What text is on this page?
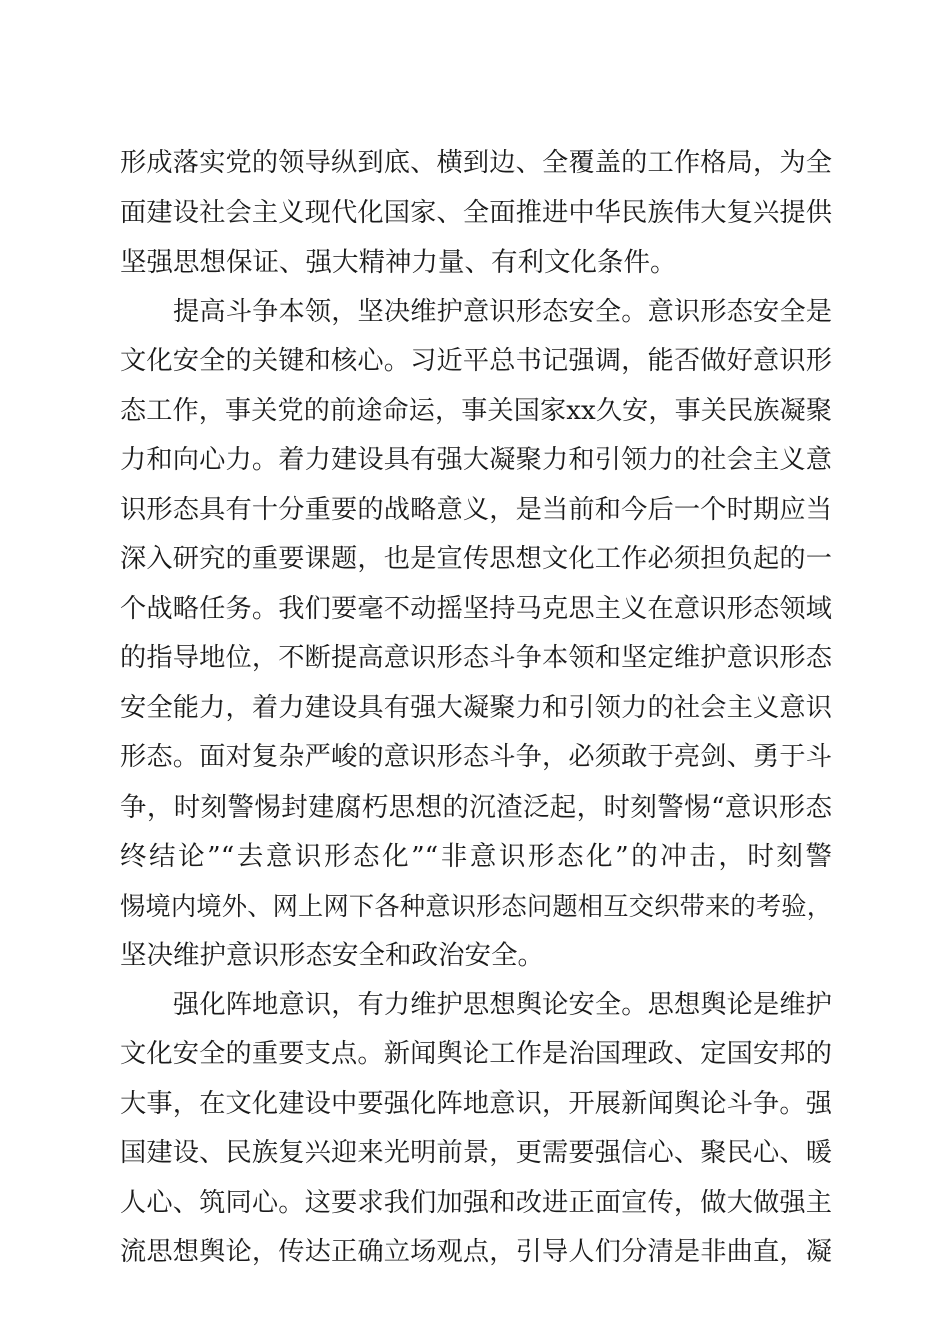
形成落实党的领导纵到底、横到边、全覆盖的工作格局，为全
面建设社会主义现代化国家、全面推进中华民族伟大复兴提供
坚强思想保证、强大精神力量、有利文化条件。
提高斗争本领，坚决维护意识形态安全。意识形态安全是
文化安全的关键和核心。习近平总书记强调，能否做好意识形
态工作，事关党的前途命运，事关国家xx久安，事关民族凝聚
力和向心力。着力建设具有强大凝聚力和引领力的社会主义意
识形态具有十分重要的战略意义，是当前和今后一个时期应当
深入研究的重要课题，也是宣传思想文化工作必须担负起的一
个战略任务。我们要毫不动摇坚持马克思主义在意识形态领域
的指导地位，不断提高意识形态斗争本领和坚定维护意识形态
安全能力，着力建设具有强大凝聚力和引领力的社会主义意识
形态。面对复杂严峻的意识形态斗争，必须敢于亮剑、勇于斗
争，时刻警惕封建腐朽思想的沉渣泛起，时刻警惕“意识形态
终结论”“去意识形态化”“非意识形态化”的冲击，时刻警
惕境内境外、网上网下各种意识形态问题相互交织带来的考验，
坚决维护意识形态安全和政治安全。
强化阵地意识，有力维护思想舆论安全。思想舆论是维护
文化安全的重要支点。新闻舆论工作是治国理政、定国安邦的
大事，在文化建设中要强化阵地意识，开展新闻舆论斗争。强
国建设、民族复兴迎来光明前景，更需要强信心、聚民心、暖
人心、筑同心。这要求我们加强和改进正面宣传，做大做强主
流思想舆论，传达正确立场观点，引导人们分清是非曲直，凝
